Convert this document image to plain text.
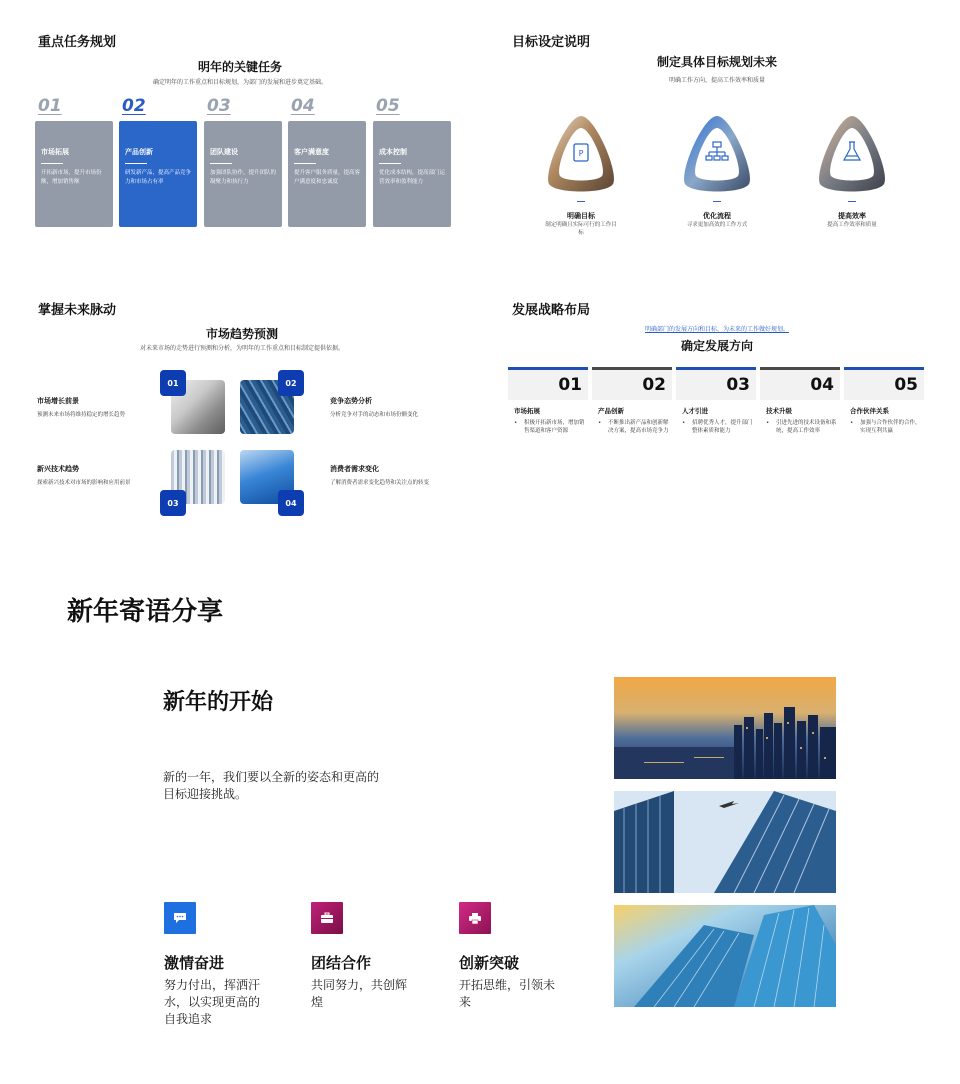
重点任务规划
明年的关键任务
确定明年的工作重点和目标规划，为部门的发展和进步奠定基础。
01	02	03	04	05
市场拓展
开拓新市场，提升市场份额，增加销售额
产品创新
研发新产品，提高产品竞争力和市场占有率
团队建设
加强团队协作，提升团队的凝聚力和执行力
客户满意度
提升客户服务质量，提高客户满意度和忠诚度
成本控制
优化成本结构，提高部门运营效率和盈利能力
目标设定说明
制定具体目标规划未来
明确工作方向，提高工作效率和质量
P
明确目标	优化流程	提高效率
制定明确且实际可行的工作目标
寻求更加高效的工作方式	提高工作效率和质量
掌握未来脉动
市场趋势预测
对未来市场的走势进行预测和分析，为明年的工作重点和目标制定提供依据。
01	02
03	04
市场增长前景
预测未来市场将维持稳定的增长趋势
竞争态势分析
分析竞争对手的动态和市场份额变化
新兴技术趋势
探索新兴技术对市场的影响和应用前景
消费者需求变化
了解消费者需求变化趋势和关注点的转变
发展战略布局
明确部门的发展方向和目标，为未来的工作做好规划。
确定发展方向
01
市场拓展
•	积极开拓新市场，增加销售渠道和客户资源
02
产品创新
•	不断推出新产品和创新解决方案，提高市场竞争力
03
人才引进
•	招聘优秀人才，提升部门整体素质和能力
04
技术升级
•	引进先进的技术设备和系统，提高工作效率
05
合作伙伴关系
•	加强与合作伙伴的合作，实现互利共赢
新年寄语分享
新年的开始
新的一年，我们要以全新的姿态和更高的
目标迎接挑战。
激情奋进
努力付出，挥洒汗
水，以实现更高的
自我追求
团结合作
共同努力，共创辉
煌
创新突破
开拓思维，引领未
来
